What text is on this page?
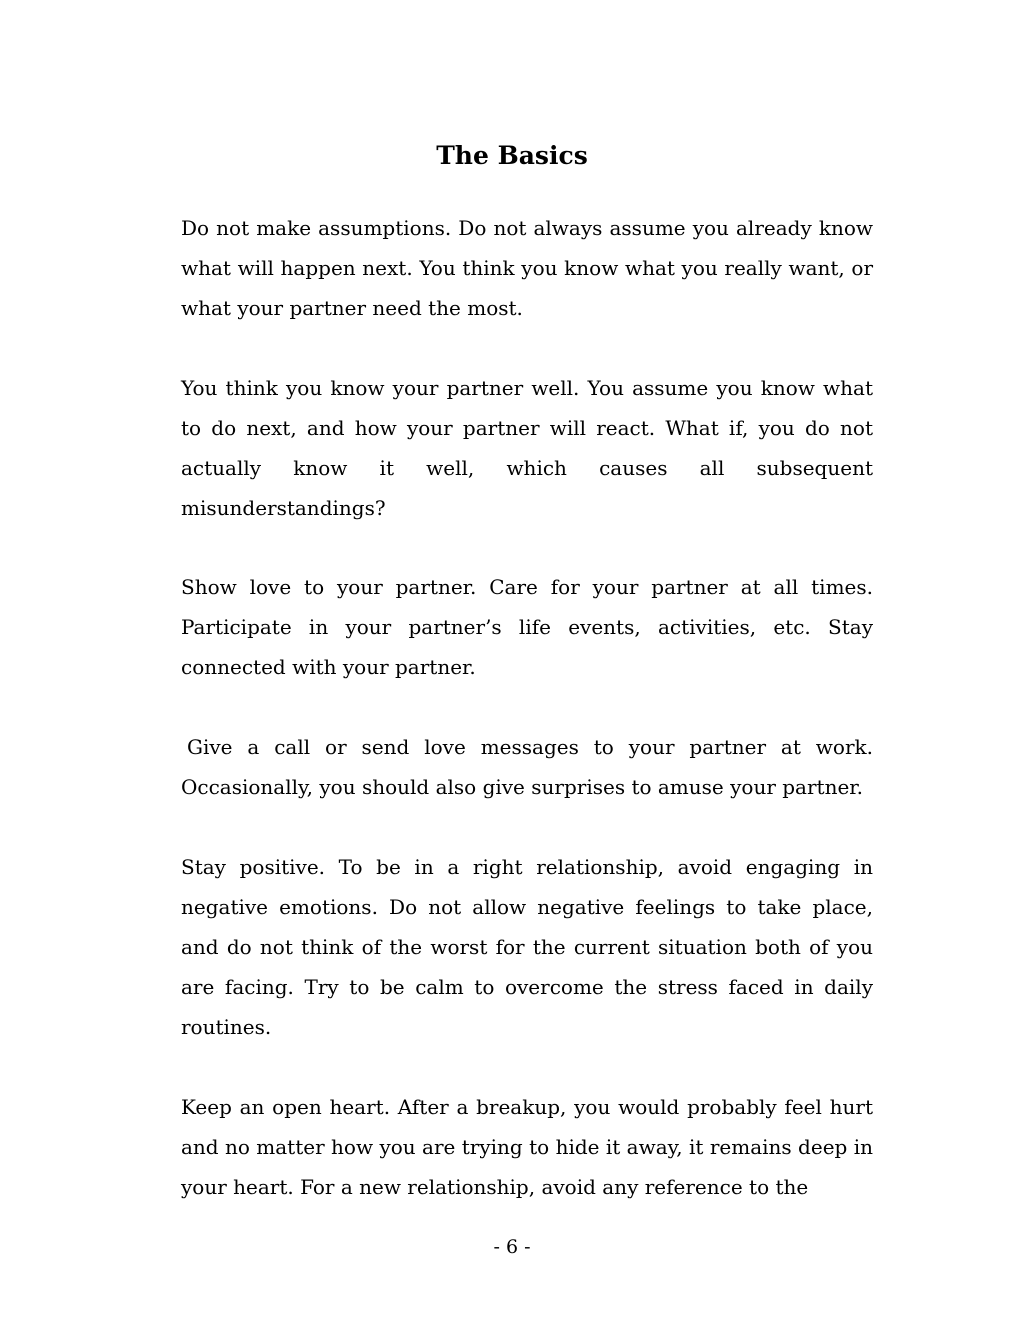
The Basics

Do not make assumptions. Do not always assume you already know what will happen next. You think you know what you really want, or what your partner need the most.

You think you know your partner well. You assume you know what to do next, and how your partner will react. What if, you do not actually know it well, which causes all subsequent misunderstandings?

Show love to your partner. Care for your partner at all times. Participate in your partner’s life events, activities, etc. Stay connected with your partner.

Give a call or send love messages to your partner at work. Occasionally, you should also give surprises to amuse your partner.

Stay positive. To be in a right relationship, avoid engaging in negative emotions. Do not allow negative feelings to take place, and do not think of the worst for the current situation both of you are facing. Try to be calm to overcome the stress faced in daily routines.

Keep an open heart. After a breakup, you would probably feel hurt and no matter how you are trying to hide it away, it remains deep in your heart. For a new relationship, avoid any reference to the

- 6 -
